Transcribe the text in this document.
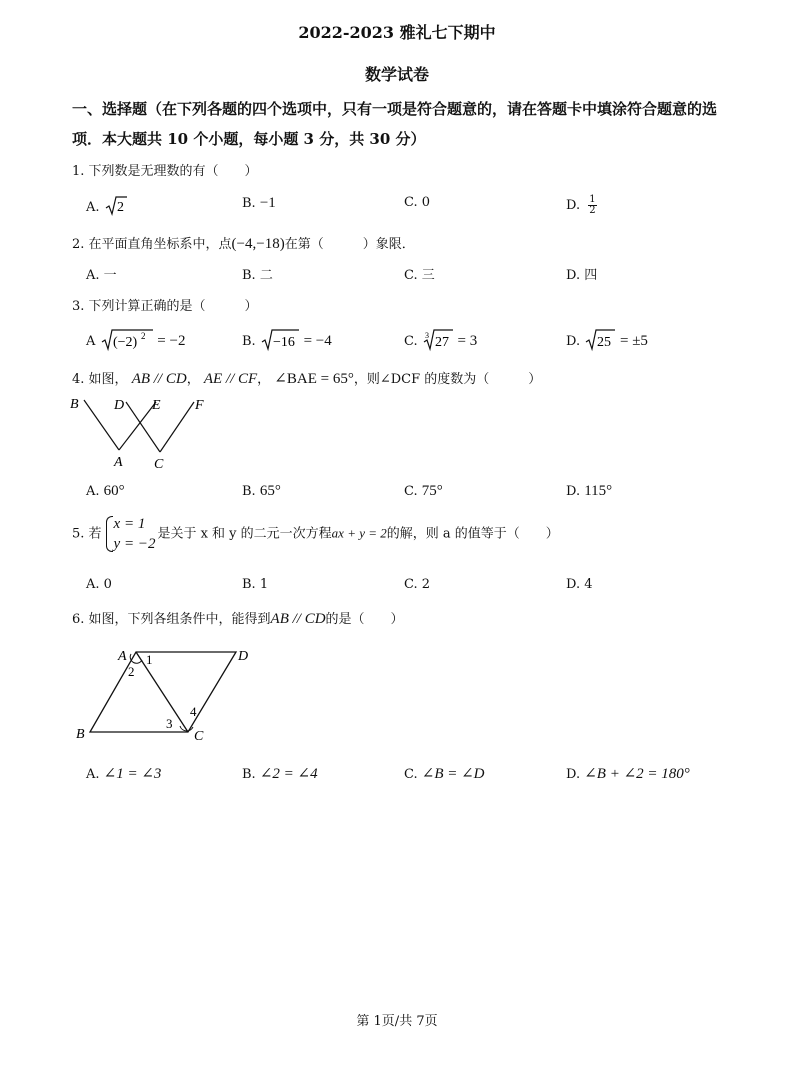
2022-2023 雅礼七下期中
数学试卷
一、选择题（在下列各题的四个选项中，只有一项是符合题意的，请在答题卡中填涂符合题意的选项．本大题共 10 个小题，每小题 3 分，共 30 分）
1. 下列数是无理数的有（　　）
A. 2	B. −1	C. 0	D. $\frac{1}{2}$
2. 在平面直角坐标系中，点(−4,−18)在第（　　　）象限．
A. 一	B. 二	C. 三	D. 四
3. 下列计算正确的是（　　　）
A (−2) 2 = −2	B. −16 = −4	C. 3 27 = 3	D. 25 = ±5
4. 如图， AB // CD， AE // CF， ∠BAE = 65°，则∠DCF 的度数为（　　　）
B	D E F
A C
A. 60°	B. 65°	C. 75°	D. 115°
5. 若
x = 1
y = −2
是关于 x 和 y 的二元一次方程ax + y = 2的解，则 a 的值等于（　　）
A. 0	B. 1	C. 2	D. 4
6. 如图，下列各组条件中，能得到AB // CD的是（　　）
A	D
B	C
1
2
3
4
A. ∠1 = ∠3	B. ∠2 = ∠4	C. ∠B = ∠D	D. ∠B + ∠2 = 180°
第 1页/共 7页
